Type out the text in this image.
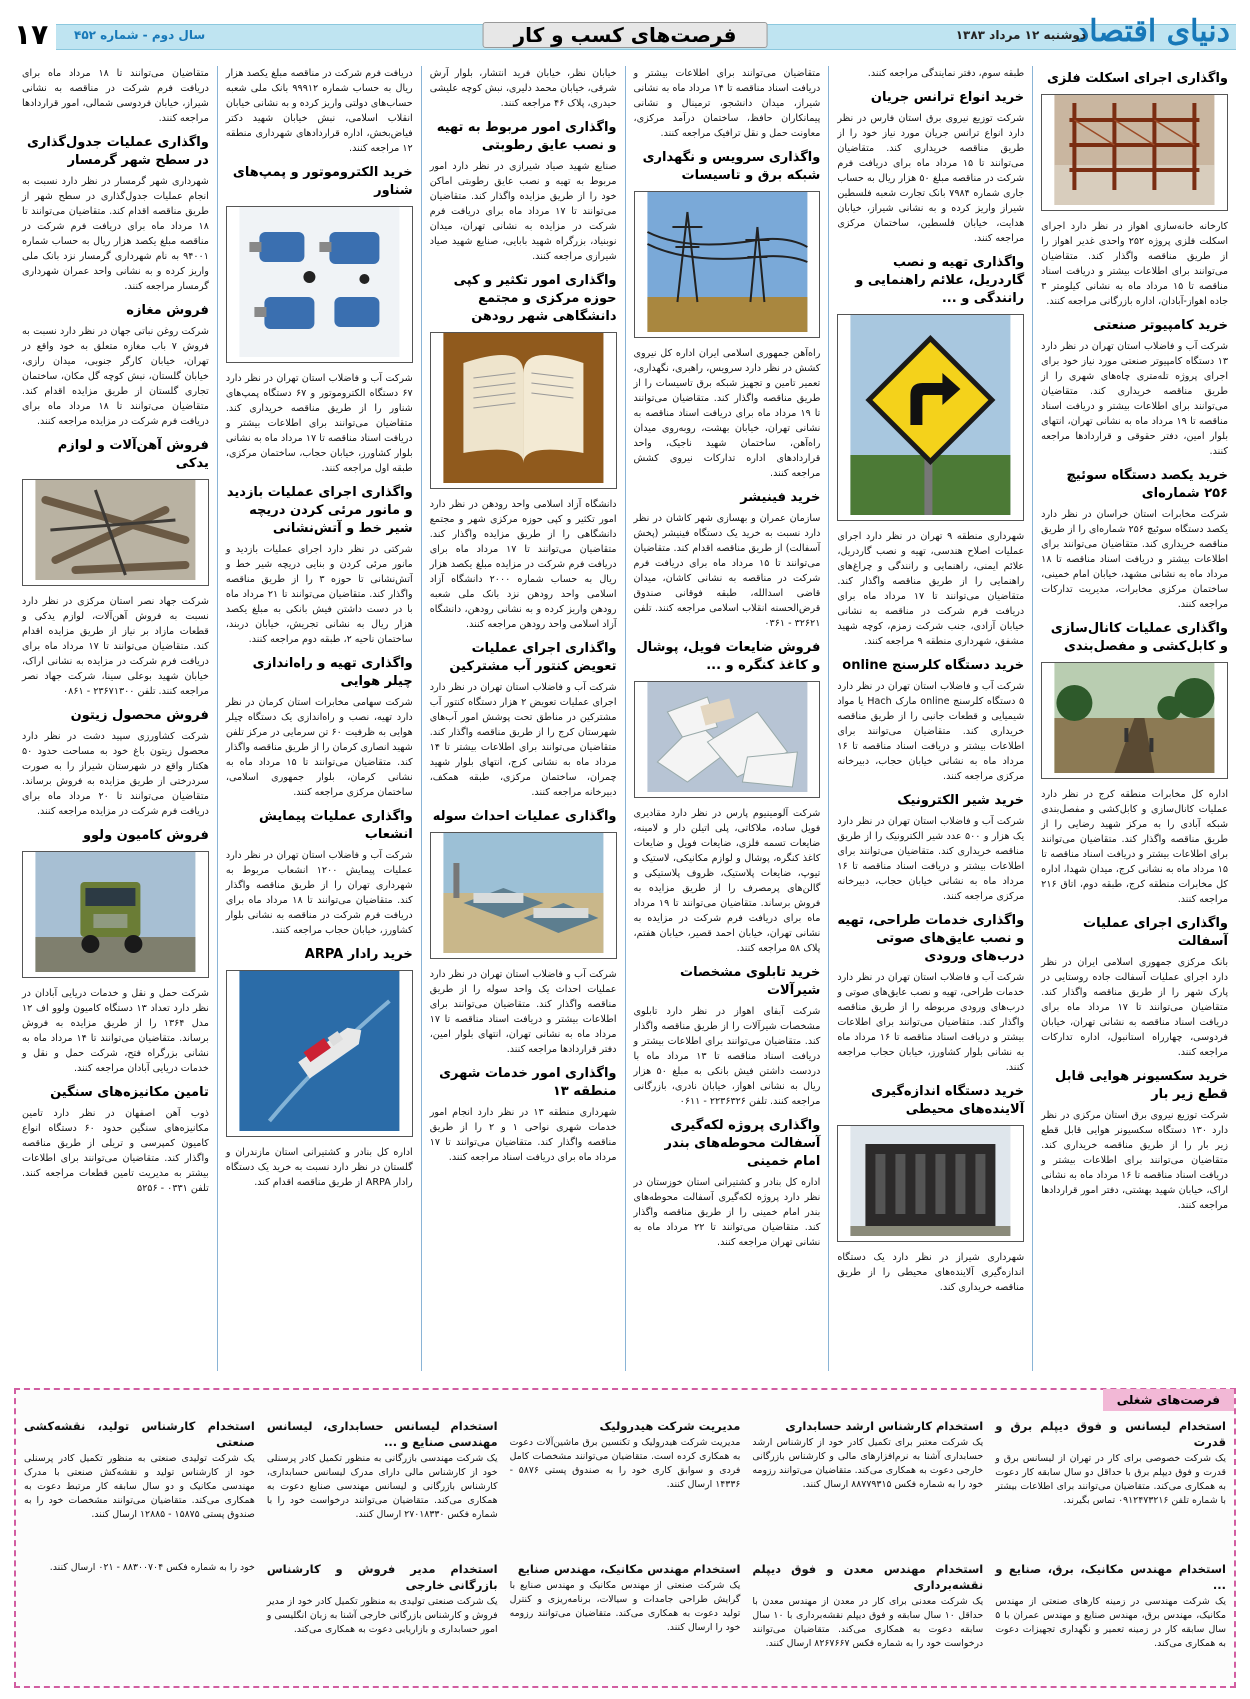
دنیای اقتصاد
دوشنبه ۱۲ مرداد ۱۳۸۳
فرصت‌های کسب و کار
سال دوم - شماره ۴۵۲
۱۷
واگذاری اجرای اسکلت فلزی

کارخانه خانه‌سازی اهواز در نظر دارد اجرای اسکلت فلزی پروژه ۲۵۲ واحدی غدیر اهواز را از طریق مناقصه واگذار کند. متقاضیان می‌توانند برای اطلاعات بیشتر و دریافت اسناد مناقصه تا ۱۵ مرداد ماه به نشانی کیلومتر ۳ جاده اهواز-آبادان، اداره بازرگانی مراجعه کنند.

خرید کامپیوتر صنعتی

شرکت آب و فاضلاب استان تهران در نظر دارد ۱۳ دستگاه کامپیوتر صنعتی مورد نیاز خود برای اجرای پروژه تله‌متری چاه‌های شهری را از طریق مناقصه خریداری کند. متقاضیان می‌توانند برای اطلاعات بیشتر و دریافت اسناد مناقصه تا ۱۹ مرداد ماه به نشانی تهران، انتهای بلوار امین، دفتر حقوقی و قراردادها مراجعه کنند.

خرید یکصد دستگاه سوئیچ ۲۵۶ شماره‌ای

شرکت مخابرات استان خراسان در نظر دارد یکصد دستگاه سوئیچ ۲۵۶ شماره‌ای را از طریق مناقصه خریداری کند. متقاضیان می‌توانند برای اطلاعات بیشتر و دریافت اسناد مناقصه تا ۱۸ مرداد ماه به نشانی مشهد، خیابان امام خمینی، ساختمان مرکزی مخابرات، مدیریت تدارکات مراجعه کنند.

واگذاری عملیات کانال‌سازی و کابل‌کشی و مفصل‌بندی

اداره کل مخابرات منطقه کرج در نظر دارد عملیات کانال‌سازی و کابل‌کشی و مفصل‌بندی شبکه آبادی را به مرکز شهید رضایی را از طریق مناقصه واگذار کند. متقاضیان می‌توانند برای اطلاعات بیشتر و دریافت اسناد مناقصه تا ۱۵ مرداد ماه به نشانی کرج، میدان شهدا، اداره کل مخابرات منطقه کرج، طبقه دوم، اتاق ۲۱۶ مراجعه کنند.

واگذاری اجرای عملیات آسفالت

بانک مرکزی جمهوری اسلامی ایران در نظر دارد اجرای عملیات آسفالت جاده روستایی در پارک شهر را از طریق مناقصه واگذار کند. متقاضیان می‌توانند تا ۱۷ مرداد ماه برای دریافت اسناد مناقصه به نشانی تهران، خیابان فردوسی، چهارراه استانبول، اداره تدارکات مراجعه کنند.

خرید سکسیونر هوایی قابل قطع زیر بار

شرکت توزیع نیروی برق استان مرکزی در نظر دارد ۱۳۰ دستگاه سکسیونر هوایی قابل قطع زیر بار را از طریق مناقصه خریداری کند. متقاضیان می‌توانند برای اطلاعات بیشتر و دریافت اسناد مناقصه تا ۱۶ مرداد ماه به نشانی اراک، خیابان شهید بهشتی، دفتر امور قراردادها مراجعه کنند.

طبقه سوم، دفتر نمایندگی مراجعه کنند.

خرید انواع ترانس جریان

شرکت توزیع نیروی برق استان فارس در نظر دارد انواع ترانس جریان مورد نیاز خود را از طریق مناقصه خریداری کند. متقاضیان می‌توانند تا ۱۵ مرداد ماه برای دریافت فرم شرکت در مناقصه مبلغ ۵۰ هزار ریال به حساب جاری شماره ۷۹۸۴ بانک تجارت شعبه فلسطین شیراز واریز کرده و به نشانی شیراز، خیابان هدایت، خیابان فلسطین، ساختمان مرکزی مراجعه کنند.

واگذاری تهیه و نصب گاردریل، علائم راهنمایی و رانندگی و ...

شهرداری منطقه ۹ تهران در نظر دارد اجرای عملیات اصلاح هندسی، تهیه و نصب گاردریل، علائم ایمنی، راهنمایی و رانندگی و چراغ‌های راهنمایی را از طریق مناقصه واگذار کند. متقاضیان می‌توانند تا ۱۷ مرداد ماه برای دریافت فرم شرکت در مناقصه به نشانی خیابان آزادی، جنب شرکت زمزم، کوچه شهید مشفق، شهرداری منطقه ۹ مراجعه کنند.

خرید دستگاه کلرسنج online

شرکت آب و فاضلاب استان تهران در نظر دارد ۵ دستگاه کلرسنج online مارک Hach یا مواد شیمیایی و قطعات جانبی را از طریق مناقصه خریداری کند. متقاضیان می‌توانند برای اطلاعات بیشتر و دریافت اسناد مناقصه تا ۱۶ مرداد ماه به نشانی خیابان حجاب، دبیرخانه مرکزی مراجعه کنند.

خرید شیر الکترونیک

شرکت آب و فاضلاب استان تهران در نظر دارد یک هزار و ۵۰۰ عدد شیر الکترونیک را از طریق مناقصه خریداری کند. متقاضیان می‌توانند برای اطلاعات بیشتر و دریافت اسناد مناقصه تا ۱۶ مرداد ماه به نشانی خیابان حجاب، دبیرخانه مرکزی مراجعه کنند.

واگذاری خدمات طراحی، تهیه و نصب عایق‌های صوتی درب‌های ورودی

شرکت آب و فاضلاب استان تهران در نظر دارد خدمات طراحی، تهیه و نصب عایق‌های صوتی و درب‌های ورودی مربوطه را از طریق مناقصه واگذار کند. متقاضیان می‌توانند برای اطلاعات بیشتر و دریافت اسناد مناقصه تا ۱۶ مرداد ماه به نشانی بلوار کشاورز، خیابان حجاب مراجعه کنند.

خرید دستگاه اندازه‌گیری آلاینده‌های محیطی

شهرداری شیراز در نظر دارد یک دستگاه اندازه‌گیری آلاینده‌های محیطی را از طریق مناقصه خریداری کند.

متقاضیان می‌توانند برای اطلاعات بیشتر و دریافت اسناد مناقصه تا ۱۴ مرداد ماه به نشانی شیراز، میدان دانشجو، ترمینال و نشانی پیمانکاران حافظ، ساختمان درآمد مرکزی، معاونت حمل و نقل ترافیک مراجعه کنند.

واگذاری سرویس و نگهداری شبکه برق و تاسیسات

راه‌آهن جمهوری اسلامی ایران اداره کل نیروی کشش در نظر دارد سرویس، راهبری، نگهداری، تعمیر تامین و تجهیز شبکه برق تاسیسات را از طریق مناقصه واگذار کند. متقاضیان می‌توانند تا ۱۹ مرداد ماه برای دریافت اسناد مناقصه به نشانی تهران، خیابان بهشت، روبه‌روی میدان راه‌آهن، ساختمان شهید ناجیک، واحد قراردادهای اداره تدارکات نیروی کشش مراجعه کنند.

خرید فینیشر

سازمان عمران و بهسازی شهر کاشان در نظر دارد نسبت به خرید یک دستگاه فینیشر (پخش آسفالت) از طریق مناقصه اقدام کند. متقاضیان می‌توانند تا ۱۵ مرداد ماه برای دریافت فرم شرکت در مناقصه به نشانی کاشان، میدان قاضی اسدالله، طبقه فوقانی صندوق قرض‌الحسنه انقلاب اسلامی مراجعه کنند. تلفن ۳۲۶۲۱ - ۰۳۶۱

فروش ضایعات فویل، پوشال و کاغذ کنگره و ...

شرکت آلومینیوم پارس در نظر دارد مقادیری فویل ساده، ملاکاتی، پلی اتیلن دار و لامینه، ضایعات تسمه فلزی، ضایعات فویل و ضایعات کاغذ کنگره، پوشال و لوازم مکانیکی، لاستیک و تیوپ، ضایعات پلاستیک، ظروف پلاستیکی و گالن‌های پرمصرف را از طریق مزایده به فروش برساند. متقاضیان می‌توانند تا ۱۹ مرداد ماه برای دریافت فرم شرکت در مزایده به نشانی تهران، خیابان احمد قصیر، خیابان هفتم، پلاک ۵۸ مراجعه کنند.

خرید تابلوی مشخصات شیرآلات

شرکت آبفای اهواز در نظر دارد تابلوی مشخصات شیرآلات را از طریق مناقصه واگذار کند. متقاضیان می‌توانند برای اطلاعات بیشتر و دریافت اسناد مناقصه تا ۱۳ مرداد ماه با دردست داشتن فیش بانکی به مبلغ ۵۰ هزار ریال به نشانی اهواز، خیابان نادری، بازرگانی مراجعه کنند. تلفن ۲۲۳۶۳۲۶ - ۰۶۱۱

واگذاری پروژه لکه‌گیری آسفالت محوطه‌های بندر امام خمینی

اداره کل بنادر و کشتیرانی استان خوزستان در نظر دارد پروژه لکه‌گیری آسفالت محوطه‌های بندر امام خمینی را از طریق مناقصه واگذار کند. متقاضیان می‌توانند تا ۲۲ مرداد ماه به نشانی تهران مراجعه کنند.

خیابان نظر، خیابان فرید انتشار، بلوار آرش شرقی، خیابان محمد دلیری، نبش کوچه علیشی حیدری، پلاک ۴۶ مراجعه کنند.

واگذاری امور مربوط به تهیه و نصب عایق رطوبتی

صنایع شهید صیاد شیرازی در نظر دارد امور مربوط به تهیه و نصب عایق رطوبتی اماکن خود را از طریق مزایده واگذار کند. متقاضیان می‌توانند تا ۱۷ مرداد ماه برای دریافت فرم شرکت در مزایده به نشانی تهران، میدان نوبنیاد، بزرگراه شهید بابایی، صنایع شهید صیاد شیرازی مراجعه کنند.

واگذاری امور تکثیر و کپی حوزه مرکزی و مجتمع دانشگاهی شهر رودهن

دانشگاه آزاد اسلامی واحد رودهن در نظر دارد امور تکثیر و کپی حوزه مرکزی شهر و مجتمع دانشگاهی را از طریق مزایده واگذار کند. متقاضیان می‌توانند تا ۱۷ مرداد ماه برای دریافت فرم شرکت در مزایده مبلغ یکصد هزار ریال به حساب شماره ۲۰۰۰ دانشگاه آزاد اسلامی واحد رودهن نزد بانک ملی شعبه رودهن واریز کرده و به نشانی رودهن، دانشگاه آزاد اسلامی واحد رودهن مراجعه کنند.

واگذاری اجرای عملیات تعویض کنتور آب مشترکین

شرکت آب و فاضلاب استان تهران در نظر دارد اجرای عملیات تعویض ۲ هزار دستگاه کنتور آب مشترکین در مناطق تحت پوشش امور آب‌های شهرستان کرج را از طریق مناقصه واگذار کند. متقاضیان می‌توانند برای اطلاعات بیشتر تا ۱۴ مرداد ماه به نشانی کرج، انتهای بلوار شهید چمران، ساختمان مرکزی، طبقه همکف، دبیرخانه مراجعه کنند.

واگذاری عملیات احداث سوله

شرکت آب و فاضلاب استان تهران در نظر دارد عملیات احداث یک واحد سوله را از طریق مناقصه واگذار کند. متقاضیان می‌توانند برای اطلاعات بیشتر و دریافت اسناد مناقصه تا ۱۷ مرداد ماه به نشانی تهران، انتهای بلوار امین، دفتر قراردادها مراجعه کنند.

واگذاری امور خدمات شهری منطقه ۱۳

شهرداری منطقه ۱۳ در نظر دارد انجام امور خدمات شهری نواحی ۱ و ۲ را از طریق مناقصه واگذار کند. متقاضیان می‌توانند تا ۱۷ مرداد ماه برای دریافت اسناد مراجعه کنند.

دریافت فرم شرکت در مناقصه مبلغ یکصد هزار ریال به حساب شماره ۹۹۹۱۲ بانک ملی شعبه حساب‌های دولتی واریز کرده و به نشانی خیابان انقلاب اسلامی، نبش خیابان شهید دکتر فیاض‌بخش، اداره قراردادهای شهرداری منطقه ۱۲ مراجعه کنند.

خرید الکتروموتور و پمپ‌های شناور

شرکت آب و فاضلاب استان تهران در نظر دارد ۶۷ دستگاه الکتروموتور و ۶۷ دستگاه پمپ‌های شناور را از طریق مناقصه خریداری کند. متقاضیان می‌توانند برای اطلاعات بیشتر و دریافت اسناد مناقصه تا ۱۷ مرداد ماه به نشانی بلوار کشاورز، خیابان حجاب، ساختمان مرکزی، طبقه اول مراجعه کنند.

واگذاری اجرای عملیات بازدید و مانور مرئی کردن دریچه شیر خط و آتش‌نشانی

شرکتی در نظر دارد اجرای عملیات بازدید و مانور مرئی کردن و بنایی دریچه شیر خط و آتش‌نشانی تا حوزه ۳ را از طریق مناقصه واگذار کند. متقاضیان می‌توانند تا ۲۱ مرداد ماه با در دست داشتن فیش بانکی به مبلغ یکصد هزار ریال به نشانی تجریش، خیابان دربند، ساختمان ناحیه ۲، طبقه دوم مراجعه کنند.

واگذاری تهیه و راه‌اندازی چیلر هوایی

شرکت سهامی مخابرات استان کرمان در نظر دارد تهیه، نصب و راه‌اندازی یک دستگاه چیلر هوایی به ظرفیت ۶۰ تن سرمایی در مرکز تلفن شهید انصاری کرمان را از طریق مناقصه واگذار کند. متقاضیان می‌توانند تا ۱۵ مرداد ماه به نشانی کرمان، بلوار جمهوری اسلامی، ساختمان مرکزی مراجعه کنند.

واگذاری عملیات پیمایش انشعاب

شرکت آب و فاضلاب استان تهران در نظر دارد عملیات پیمایش ۱۲۰۰ انشعاب مربوط به شهرداری تهران را از طریق مناقصه واگذار کند. متقاضیان می‌توانند تا ۱۸ مرداد ماه برای دریافت فرم شرکت در مناقصه به نشانی بلوار کشاورز، خیابان حجاب مراجعه کنند.

خرید رادار ARPA

اداره کل بنادر و کشتیرانی استان مازندران و گلستان در نظر دارد نسبت به خرید یک دستگاه رادار ARPA از طریق مناقصه اقدام کند.

متقاضیان می‌توانند تا ۱۸ مرداد ماه برای دریافت فرم شرکت در مناقصه به نشانی شیراز، خیابان فردوسی شمالی، امور قراردادها مراجعه کنند.

واگذاری عملیات جدول‌گذاری در سطح شهر گرمسار

شهرداری شهر گرمسار در نظر دارد نسبت به انجام عملیات جدول‌گذاری در سطح شهر از طریق مناقصه اقدام کند. متقاضیان می‌توانند تا ۱۸ مرداد ماه برای دریافت فرم شرکت در مناقصه مبلغ یکصد هزار ریال به حساب شماره ۹۴۰۰۱ به نام شهرداری گرمسار نزد بانک ملی واریز کرده و به نشانی واحد عمران شهرداری گرمسار مراجعه کنند.

فروش مغازه

شرکت روغن نباتی جهان در نظر دارد نسبت به فروش ۷ باب مغازه متعلق به خود واقع در تهران، خیابان کارگر جنوبی، میدان رازی، خیابان گلستان، نبش کوچه گل مکان، ساختمان تجاری گلستان از طریق مزایده اقدام کند. متقاضیان می‌توانند تا ۱۸ مرداد ماه برای دریافت فرم شرکت در مزایده مراجعه کنند.

فروش آهن‌آلات و لوازم یدکی

شرکت جهاد نصر استان مرکزی در نظر دارد نسبت به فروش آهن‌آلات، لوازم یدکی و قطعات مازاد بر نیاز از طریق مزایده اقدام کند. متقاضیان می‌توانند تا ۱۷ مرداد ماه برای دریافت فرم شرکت در مزایده به نشانی اراک، خیابان شهید بوعلی سینا، شرکت جهاد نصر مراجعه کنند. تلفن ۲۳۶۷۱۳۰۰ - ۰۸۶۱

فروش محصول زیتون

شرکت کشاورزی سپید دشت در نظر دارد محصول زیتون باغ خود به مساحت حدود ۵۰ هکتار واقع در شهرستان شیراز را به صورت سردرختی از طریق مزایده به فروش برساند. متقاضیان می‌توانند تا ۲۰ مرداد ماه برای دریافت فرم شرکت در مزایده مراجعه کنند.

فروش کامیون ولوو

شرکت حمل و نقل و خدمات دریایی آبادان در نظر دارد تعداد ۱۳ دستگاه کامیون ولوو اف ۱۲ مدل ۱۳۶۴ را از طریق مزایده به فروش برساند. متقاضیان می‌توانند تا ۱۴ مرداد ماه به نشانی بزرگراه فتح، شرکت حمل و نقل و خدمات دریایی آبادان مراجعه کنند.

تامین مکانیزه‌های سنگین

ذوب آهن اصفهان در نظر دارد تامین مکانیزه‌های سنگین حدود ۶۰ دستگاه انواع کامیون کمپرسی و تریلی از طریق مناقصه واگذار کند. متقاضیان می‌توانند برای اطلاعات بیشتر به مدیریت تامین قطعات مراجعه کنند. تلفن ۰۳۳۱ - ۵۲۵۶

فرصت‌های شغلی
استخدام لیسانس و فوق دیپلم برق و قدرت
یک شرکت خصوصی برای کار در تهران از لیسانس برق و قدرت و فوق دیپلم برق با حداقل دو سال سابقه کار دعوت به همکاری می‌کند. متقاضیان می‌توانند برای اطلاعات بیشتر با شماره تلفن ۰۹۱۲۴۷۳۲۱۶ تماس بگیرند.
استخدام کارشناس ارشد حسابداری
یک شرکت معتبر برای تکمیل کادر خود از کارشناس ارشد حسابداری آشنا به نرم‌افزارهای مالی و کارشناس بازرگانی خارجی دعوت به همکاری می‌کند. متقاضیان می‌توانند رزومه خود را به شماره فکس ۸۸۷۷۹۳۱۵ ارسال کنند.
مدیریت شرکت هیدرولیک
مدیریت شرکت هیدرولیک و تکنسین برق ماشین‌آلات دعوت به همکاری کرده است. متقاضیان می‌توانند مشخصات کامل فردی و سوابق کاری خود را به صندوق پستی ۵۸۷۶ - ۱۴۳۳۶ ارسال کنند.
استخدام لیسانس حسابداری، لیسانس مهندسی صنایع و ...
یک شرکت مهندسی بازرگانی به منظور تکمیل کادر پرسنلی خود از کارشناس مالی دارای مدرک لیسانس حسابداری، کارشناس بازرگانی و لیسانس مهندسی صنایع دعوت به همکاری می‌کند. متقاضیان می‌توانند درخواست خود را با شماره فکس ۲۷۰۱۸۳۳۰ ارسال کنند.
استخدام کارشناس تولید، نقشه‌کشی صنعتی
یک شرکت تولیدی صنعتی به منظور تکمیل کادر پرسنلی خود از کارشناس تولید و نقشه‌کش صنعتی با مدرک مهندسی مکانیک و دو سال سابقه کار مرتبط دعوت به همکاری می‌کند. متقاضیان می‌توانند مشخصات خود را به صندوق پستی ۱۵۸۷۵ - ۱۲۸۸۵ ارسال کنند.
استخدام مهندس مکانیک، برق، صنایع و ...
یک شرکت مهندسی در زمینه کارهای صنعتی از مهندس مکانیک، مهندس برق، مهندس صنایع و مهندس عمران با ۵ سال سابقه کار در زمینه تعمیر و نگهداری تجهیزات دعوت به همکاری می‌کند.
استخدام مهندس معدن و فوق دیپلم نقشه‌برداری
یک شرکت معدنی برای کار در معدن از مهندس معدن با حداقل ۱۰ سال سابقه و فوق دیپلم نقشه‌برداری با ۱۰ سال سابقه دعوت به همکاری می‌کند. متقاضیان می‌توانند درخواست خود را به شماره فکس ۸۲۶۷۶۶۷ ارسال کنند.
استخدام مهندس مکانیک، مهندس صنایع
یک شرکت صنعتی از مهندس مکانیک و مهندس صنایع با گرایش طراحی جامدات و سیالات، برنامه‌ریزی و کنترل تولید دعوت به همکاری می‌کند. متقاضیان می‌توانند رزومه خود را ارسال کنند.
استخدام مدیر فروش و کارشناس بازرگانی خارجی
یک شرکت صنعتی تولیدی به منظور تکمیل کادر خود از مدیر فروش و کارشناس بازرگانی خارجی آشنا به زبان انگلیسی و امور حسابداری و بازاریابی دعوت به همکاری می‌کند.
خود را به شماره فکس ۸۸۳۰۰۷۰۴ - ۰۲۱ ارسال کنند.
